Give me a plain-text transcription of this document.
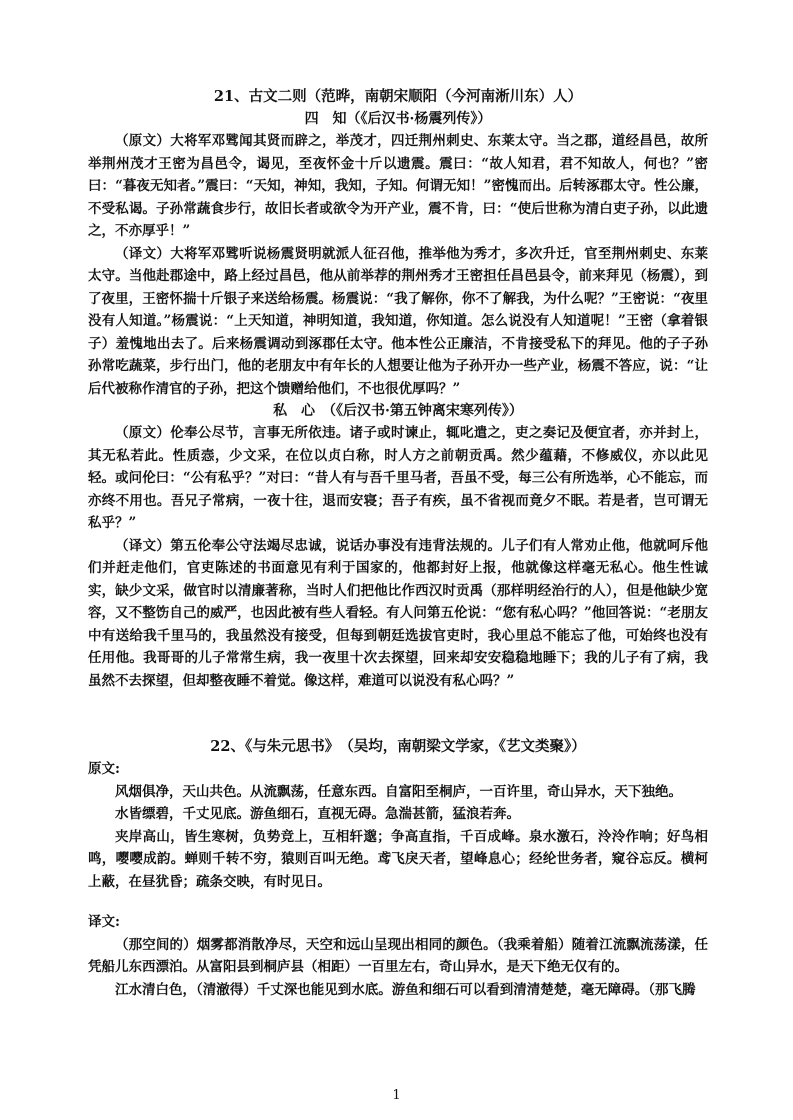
21、古文二则（范晔，南朝宋顺阳（今河南淅川东）人）

四　知（《后汉书·杨震列传》）

（原文）大将军邓骘闻其贤而辟之，举茂才，四迁荆州刺史、东莱太守。当之郡，道经昌邑，故所举荆州茂才王密为昌邑令，谒见，至夜怀金十斤以遗震。震曰：“故人知君，君不知故人，何也？”密曰：“暮夜无知者。”震曰：“天知，神知，我知，子知。何谓无知！”密愧而出。后转涿郡太守。性公廉，不受私谒。子孙常蔬食步行，故旧长者或欲令为开产业，震不肯，曰：“使后世称为清白吏子孙，以此遗之，不亦厚乎！”

（译文）大将军邓骘听说杨震贤明就派人征召他，推举他为秀才，多次升迁，官至荆州刺史、东莱太守。当他赴郡途中，路上经过昌邑，他从前举荐的荆州秀才王密担任昌邑县令，前来拜见（杨震），到了夜里，王密怀揣十斤银子来送给杨震。杨震说：“我了解你，你不了解我，为什么呢？”王密说：“夜里没有人知道。”杨震说：“上天知道，神明知道，我知道，你知道。怎么说没有人知道呢！”王密（拿着银子）羞愧地出去了。后来杨震调动到涿郡任太守。他本性公正廉洁，不肯接受私下的拜见。他的子子孙孙常吃蔬菜，步行出门，他的老朋友中有年长的人想要让他为子孙开办一些产业，杨震不答应，说：“让后代被称作清官的子孙，把这个馈赠给他们，不也很优厚吗？”

私　心　（《后汉书·第五钟离宋寒列传》）

（原文）伦奉公尽节，言事无所依违。诸子或时谏止，辄叱遣之，吏之奏记及便宜者，亦并封上，其无私若此。性质悫，少文采，在位以贞白称，时人方之前朝贡禹。然少蕴藉，不修威仪，亦以此见轻。或问伦曰：“公有私乎？”对曰：“昔人有与吾千里马者，吾虽不受，每三公有所选举，心不能忘，而亦终不用也。吾兄子常病，一夜十往，退而安寝；吾子有疾，虽不省视而竟夕不眠。若是者，岂可谓无私乎？”

（译文）第五伦奉公守法竭尽忠诚，说话办事没有违背法规的。儿子们有人常劝止他，他就呵斥他们并赶走他们，官吏陈述的书面意见有利于国家的，他都封好上报，他就像这样毫无私心。他生性诚实，缺少文采，做官时以清廉著称，当时人们把他比作西汉时贡禹（那样明经治行的人），但是他缺少宽容，又不整饬自己的威严，也因此被有些人看轻。有人问第五伦说：“您有私心吗？”他回答说：“老朋友中有送给我千里马的，我虽然没有接受，但每到朝廷选拔官吏时，我心里总不能忘了他，可始终也没有任用他。我哥哥的儿子常常生病，我一夜里十次去探望，回来却安安稳稳地睡下；我的儿子有了病，我虽然不去探望，但却整夜睡不着觉。像这样，难道可以说没有私心吗？”

22、《与朱元思书》　（吴均，南朝梁文学家，《艺文类聚》）

原文:

风烟俱净，天山共色。从流飘荡，任意东西。自富阳至桐庐，一百许里，奇山异水，天下独绝。

水皆缥碧，千丈见底。游鱼细石，直视无碍。急湍甚箭，猛浪若奔。

夹岸高山，皆生寒树，负势竞上，互相轩邈；争高直指，千百成峰。泉水激石，泠泠作响；好鸟相鸣，嘤嘤成韵。蝉则千转不穷，猿则百叫无绝。鸢飞戾天者，望峰息心；经纶世务者，窥谷忘反。横柯上蔽，在昼犹昏；疏条交映，有时见日。

译文:

（那空间的）烟雾都消散净尽，天空和远山呈现出相同的颜色。（我乘着船）随着江流飘流荡漾，任凭船儿东西漂泊。从富阳县到桐庐县（相距）一百里左右，奇山异水，是天下绝无仅有的。

江水清白色，（清澈得）千丈深也能见到水底。游鱼和细石可以看到清清楚楚，毫无障碍。（那飞腾

1
